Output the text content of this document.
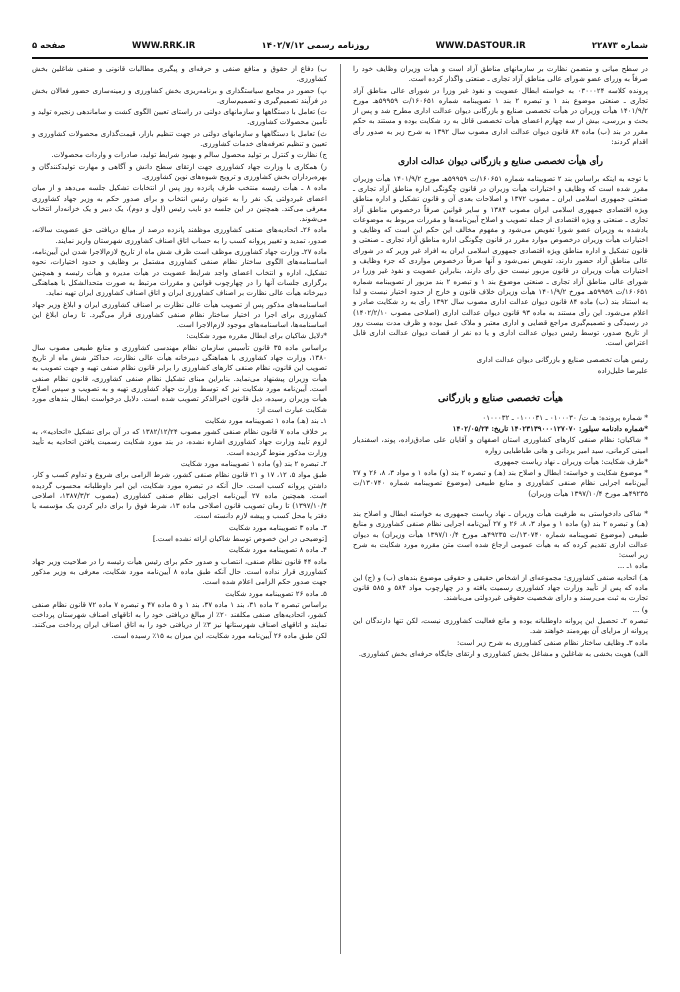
صفحه ۵	WWW.RRK.IR	روزنامه رسمی ۱۴۰۲/۷/۱۲	WWW.DASTOUR.IR	شماره ۲۲۸۷۳

در سطح میانی و متضمن نظارت بر سازمانهای مناطق آزاد است و هیأت وزیران وظایف خود را صرفاً به وزرای عضو شورای عالی مناطق آزاد تجاری ـ صنعتی واگذار کرده است.

پرونده کلاسه ۰۳۰۰۰۲۴ به خواسته ابطال عضویت و نفوذ غیر وزرا در شورای عالی مناطق آزاد تجاری ـ صنعتی موضوع بند ۱ و تبصره ۲ بند ۱ تصویبنامه شماره ۱۶۰۶۵۱/ت ۵۹۹۵۹هـ مورخ ۱۴۰۱/۹/۲ هیأت وزیران در هیأت تخصصی صنایع و بازرگانی دیوان عدالت اداری مطرح شد و پس از بحث و بررسی، بیش از سه چهارم اعضای هیأت تخصصی قائل به رد شکایت بوده و مستند به حکم مقرر در بند (ب) ماده ۸۴ قانون دیوان عدالت اداری مصوب سال ۱۳۹۲ به شرح زیر به صدور رأی اقدام کردند:

رأی هیأت تخصصی صنایع و بازرگانی دیوان عدالت اداری

با توجه به اینکه براساس بند ۲ تصویبنامه شماره ۱۶۰۶۵۱/ت ۵۹۹۵۹هـ مورخ ۱۴۰۱/۹/۲ هیأت وزیران مقرر شده است که وظایف و اختیارات هیأت وزیران در قانون چگونگی اداره مناطق آزاد تجاری ـ صنعتی جمهوری اسلامی ایران ـ مصوب ۱۳۷۲ و اصلاحات بعدی آن و قانون تشکیل و اداره مناطق ویژه اقتصادی جمهوری اسلامی ایران مصوب ۱۳۸۴ و سایر قوانین صرفاً درخصوص مناطق آزاد تجاری ـ صنعتی و ویژه اقتصادی از جمله تصویب و اصلاح آیین‌نامه‌ها و مقررات مربوط به موضوعات یادشده به وزیران عضو شورا تفویض می‌شود و مفهوم مخالف این حکم این است که وظایف و اختیارات هیأت وزیران درخصوص موارد مقرر در قانون چگونگی اداره مناطق آزاد تجاری ـ صنعتی و قانون تشکیل و اداره مناطق ویژه اقتصادی جمهوری اسلامی ایران به افراد غیر وزیر که در شورای عالی مناطق آزاد حضور دارند، تفویض نمی‌شود و آنها صرفاً درخصوص مواردی که جزء وظایف و اختیارات هیأت وزیران در قانون مزبور نیست حق رأی دارند، بنابراین عضویت و نفوذ غیر وزرا در شورای عالی مناطق آزاد تجاری ـ صنعتی موضوع بند ۱ و تبصره ۲ بند مزبور از تصویبنامه شماره ۱۶۰۶۵۱/ت ۵۹۹۵۹هـ مورخ ۱۴۰۱/۹/۲ هیأت وزیران خلاف قانون و خارج از حدود اختیار نیست و لذا به استناد بند (ب) ماده ۸۴ قانون دیوان عدالت اداری مصوب سال ۱۳۹۲ رأی به رد شکایت صادر و اعلام می‌شود. این رأی مستند به ماده ۹۳ قانون دیوان عدالت اداری (اصلاحی مصوب ۱۴۰۲/۲/۱۰) در رسیدگی و تصمیم‌گیری مراجع قضایی و اداری معتبر و ملاک عمل بوده و ظرف مدت بیست روز از تاریخ صدور، توسط رئیس دیوان عدالت اداری و یا ده نفر از قضات دیوان عدالت اداری قابل اعتراض است.

رئیس هیأت تخصصی صنایع و بازرگانی دیوان عدالت اداری

علیرضا خلیل‌زاده

هیأت تخصصی صنایع و بازرگانی

* شماره پرونده: هـ ت/ ۰۱۰۰۰۳۰ ـ ۰۱۰۰۰۳۱ ـ ۰۱۰۰۰۳۲

*شماره دادنامه سیلور: ۱۴۰۲۳۱۳۹۰۰۰۱۲۷۰۷۰ تاریخ: ۱۴۰۲/۰۵/۲۴

* شاکیان: نظام صنفی کارهای کشاورزی استان اصفهان و آقایان علی صادق‌زاده، پوند، اسفندیار امینی کرمانی، سید امیر یزدانی و هانی طباطبایی زواره

*طرف شکایت: هیأت وزیران ـ نهاد ریاست جمهوری

* موضوع شکایت و خواسته: ابطال و اصلاح بند (هـ) و تبصره ۲ بند (و) ماده ۱ و مواد ۳، ۸، ۲۶ و ۲۷ آیین‌نامه اجرایی نظام صنفی کشاورزی و منابع طبیعی (موضوع تصویبنامه شماره ۱۳۰۷۴۰/ت ۴۹۲۳۵هـ مورخ ۱۳۹۷/۱۰/۴ هیأت وزیران)

* شاکی دادخواستی به طرفیت هیأت وزیران ـ نهاد ریاست جمهوری به خواسته ابطال و اصلاح بند (هـ) و تبصره ۲ بند (و) ماده ۱ و مواد ۳، ۸، ۲۶ و ۲۷ آیین‌نامه اجرایی نظام صنفی کشاورزی و منابع طبیعی (موضوع تصویبنامه شماره ۱۳۰۷۴۰/ت ۴۹۲۳۵هـ مورخ ۱۳۹۷/۱۰/۴ هیأت وزیران) به دیوان عدالت اداری تقدیم کرده که به هیأت عمومی ارجاع شده است متن مقرره مورد شکایت به شرح زیر است:

ماده ۱ـ ...

هـ) اتحادیه صنفی کشاورزی: مجموعه‌ای از اشخاص حقیقی و حقوقی موضوع بندهای (ب) و (ج) این ماده که پس از تأیید وزارت جهاد کشاورزی رسمیت یافته و در چهارچوب مواد ۵۸۴ و ۵۸۵ قانون تجارت به ثبت می‌رسند و دارای شخصیت حقوقی غیردولتی می‌باشند.

و) ...

تبصره ۲ـ تحصیل این پروانه داوطلبانه بوده و مانع فعالیت کشاورزی نیست، لکن تنها دارندگان این پروانه از مزایای آن بهره‌مند خواهند شد.

ماده ۳ـ وظایف ساختار نظام صنفی کشاورزی به شرح زیر است:

الف) هویت بخشی به شاغلین و مشاغل بخش کشاورزی و ارتقای جایگاه حرفه‌ای بخش کشاورزی.

ب) دفاع از حقوق و منافع صنفی و حرفه‌ای و پیگیری مطالبات قانونی و صنفی شاغلین بخش کشاورزی.

پ) حضور در مجامع سیاستگذاری و برنامه‌ریزی بخش کشاورزی و زمینه‌سازی حضور فعالان بخش در فرآیند تصمیم‌گیری و تصمیم‌سازی.

ت) تعامل با دستگاهها و سازمانهای دولتی در راستای تعیین الگوی کشت و ساماندهی زنجیره تولید و تأمین محصولات کشاورزی.

ث) تعامل با دستگاهها و سازمانهای دولتی در جهت تنظیم بازار، قیمت‌گذاری محصولات کشاورزی و تعیین و تنظیم تعرفه‌های خدمات کشاورزی.

ج) نظارت و کنترل بر تولید محصول سالم و بهبود شرایط تولید، صادرات و واردات محصولات.

ز) همکاری با وزارت جهاد کشاورزی جهت ارتقای سطح دانش و آگاهی و مهارت تولیدکنندگان و بهره‌برداران بخش کشاورزی و ترویج شیوه‌های نوین کشاورزی.

ماده ۸ ـ هیأت رئیسه منتخب طرف پانزده روز پس از انتخابات تشکیل جلسه می‌دهد و از میان اعضای غیردولتی یک نفر را به عنوان رئیس انتخاب و برای صدور حکم به وزیر جهاد کشاورزی معرفی می‌کند. همچنین در این جلسه دو نایب رئیس (اول و دوم)، یک دبیر و یک خزانه‌دار انتخاب می‌شوند.

ماده ۲۶ـ اتحادیه‌های صنفی کشاورزی موظفند پانزده درصد از مبالغ دریافتی حق عضویت سالانه، صدور، تمدید و تغییر پروانه کسب را به حساب اتاق اصناف کشاورزی شهرستان واریز نمایند.

ماده ۲۷ـ وزارت جهاد کشاورزی موظف است ظرف شش ماه از تاریخ لازم‌الاجرا شدن این آیین‌نامه، اساسنامه‌های الگوی ساختار نظام صنفی کشاورزی مشتمل بر وظایف و حدود اختیارات، نحوه تشکیل، اداره و انتخاب اعضای واجد شرایط عضویت در هیأت مدیره و هیأت رئیسه و همچنین برگزاری جلسات آنها را در چهارچوب قوانین و مقررات مرتبط به صورت متحدالشکل با هماهنگی دبیرخانه هیأت عالی نظارت بر اصناف کشاورزی ایران و اتاق اصناف کشاورزی ایران تهیه نماید.

اساسنامه‌های مذکور پس از تصویب هیأت عالی نظارت بر اصناف کشاورزی ایران و ابلاغ وزیر جهاد کشاورزی برای اجرا در اختیار ساختار نظام صنفی کشاورزی قرار می‌گیرد. تا زمان ابلاغ این اساسنامه‌ها، اساسنامه‌های موجود لازم‌الاجرا است.

*دلایل شاکیان برای ابطال مقرره مورد شکایت:

براساس ماده ۳۵ قانون تأسیس سازمان نظام مهندسی کشاورزی و منابع طبیعی مصوب سال ۱۳۸۰، وزارت جهاد کشاورزی با هماهنگی دبیرخانه هیأت عالی نظارت، حداکثر شش ماه از تاریخ تصویب این قانون، نظام صنفی کارهای کشاورزی را برابر قانون نظام صنفی تهیه و جهت تصویب به هیأت وزیران پیشنهاد می‌نماید. بنابراین مبنای تشکیل نظام صنفی کشاورزی، قانون نظام صنفی است. آیین‌نامه مورد شکایت نیز که توسط وزارت جهاد کشاورزی تهیه و به تصویب و سپس اصلاح هیأت وزیران رسیده، ذیل قانون اخیرالذکر تصویب شده است. دلایل درخواست ابطال بندهای مورد شکایت عبارت است از:

۱ـ بند (هـ) ماده ۱ تصویبنامه مورد شکایت

بر خلاف ماده ۷ قانون نظام صنفی کشور مصوب ۱۳۸۲/۱۲/۲۴ که در آن برای تشکیل «اتحادیه»، به لزوم تأیید وزارت جهاد کشاورزی اشاره نشده، در بند مورد شکایت رسمیت یافتن اتحادیه به تأیید وزارت مذکور منوط گردیده است.

۲ـ تبصره ۲ بند (و) ماده ۱ تصویبنامه مورد شکایت

طبق مواد ۵، ۱۲، ۱۷ و ۲۱ قانون نظام صنفی کشور، شرط الزامی برای شروع و تداوم کسب و کار، داشتن پروانه کسب است. حال آنکه در تبصره مورد شکایت، این امر داوطلبانه محسوب گردیده است. همچنین ماده ۲۷ آیین‌نامه اجرایی نظام صنفی کشاورزی (مصوب ۱۳۸۷/۳/۲، اصلاحی ۱۳۹۷/۱۰/۴) تا زمان تصویب قانون اصلاحی ماده ۱۳، شرط فوق را برای دایر کردن یک مؤسسه یا دفتر یا محل کسب و پیشه لازم دانسته است.

۳ـ ماده ۳ تصویبنامه مورد شکایت

[توضیحی در این خصوص توسط شاکیان ارائه نشده است.]

۴ـ ماده ۸ تصویبنامه مورد شکایت

ماده ۴۴ قانون نظام صنفی، انتصاب و صدور حکم برای رئیس هیأت رئیسه را در صلاحیت وزیر جهاد کشاورزی قرار نداده است. حال آنکه طبق ماده ۸ آیین‌نامه مورد شکایت، معرفی به وزیر مذکور جهت صدور حکم الزامی اعلام شده است.

۵ـ ماده ۲۶ تصویبنامه مورد شکایت

براساس تبصره ۲ ماده ۳۱، بند ۱ ماده ۳۷، بند ۱ و ۵ ماده ۴۷ و تبصره ۷ ماده ۷۲ قانون نظام صنفی کشور، اتحادیه‌های صنفی مکلفند ۲۰٪ از مبالغ دریافتی خود را به اتاقهای اصناف شهرستان پرداخت نمایند و اتاقهای اصناف شهرستانها نیز ۳٪ از دریافتی خود را به اتاق اصناف ایران پرداخت می‌کنند. لکن طبق ماده ۲۶ آیین‌نامه مورد شکایت، این میزان به ۱۵٪ رسیده است.
